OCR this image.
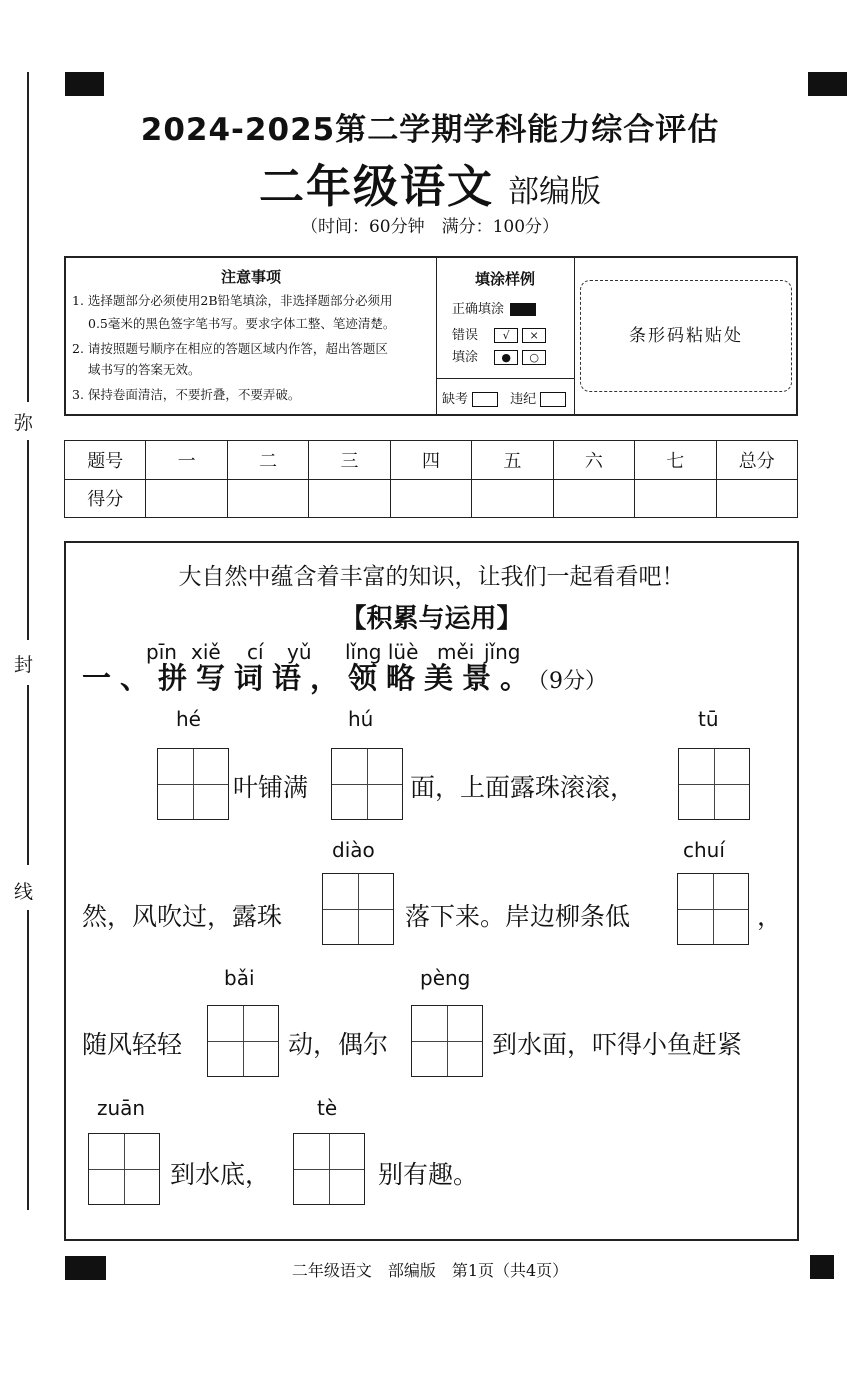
弥
封
线
2024-2025第二学期学科能力综合评估
二年级语文 部编版
（时间：60分钟　满分：100分）
注意事项
1. 选择题部分必须使用2B铅笔填涂，非选择题部分必须用
0.5毫米的黑色签字笔书写。要求字体工整、笔迹清楚。
2. 请按照题号顺序在相应的答题区域内作答，超出答题区
域书写的答案无效。
3. 保持卷面清洁，不要折叠，不要弄破。
填涂样例
正确填涂
错误 √ ×
填涂 ● ○
缺考	违纪
条形码粘贴处
题号	一	二	三	四	五	六	七	总分
得分								
大自然中蕴含着丰富的知识，让我们一起看看吧！
【积累与运用】
pīn xiě cí yǔ lǐng lüè měi jǐng
一、拼写词语，领略美景。（9分）
hé	hú	tū
叶铺满	面，上面露珠滚滚，
diào	chuí
然，风吹过，露珠	落下来。岸边柳条低	，
bǎi	pèng
随风轻轻	动，偶尔	到水面，吓得小鱼赶紧
zuān	tè
到水底，	别有趣。
二年级语文　部编版　第1页（共4页）
